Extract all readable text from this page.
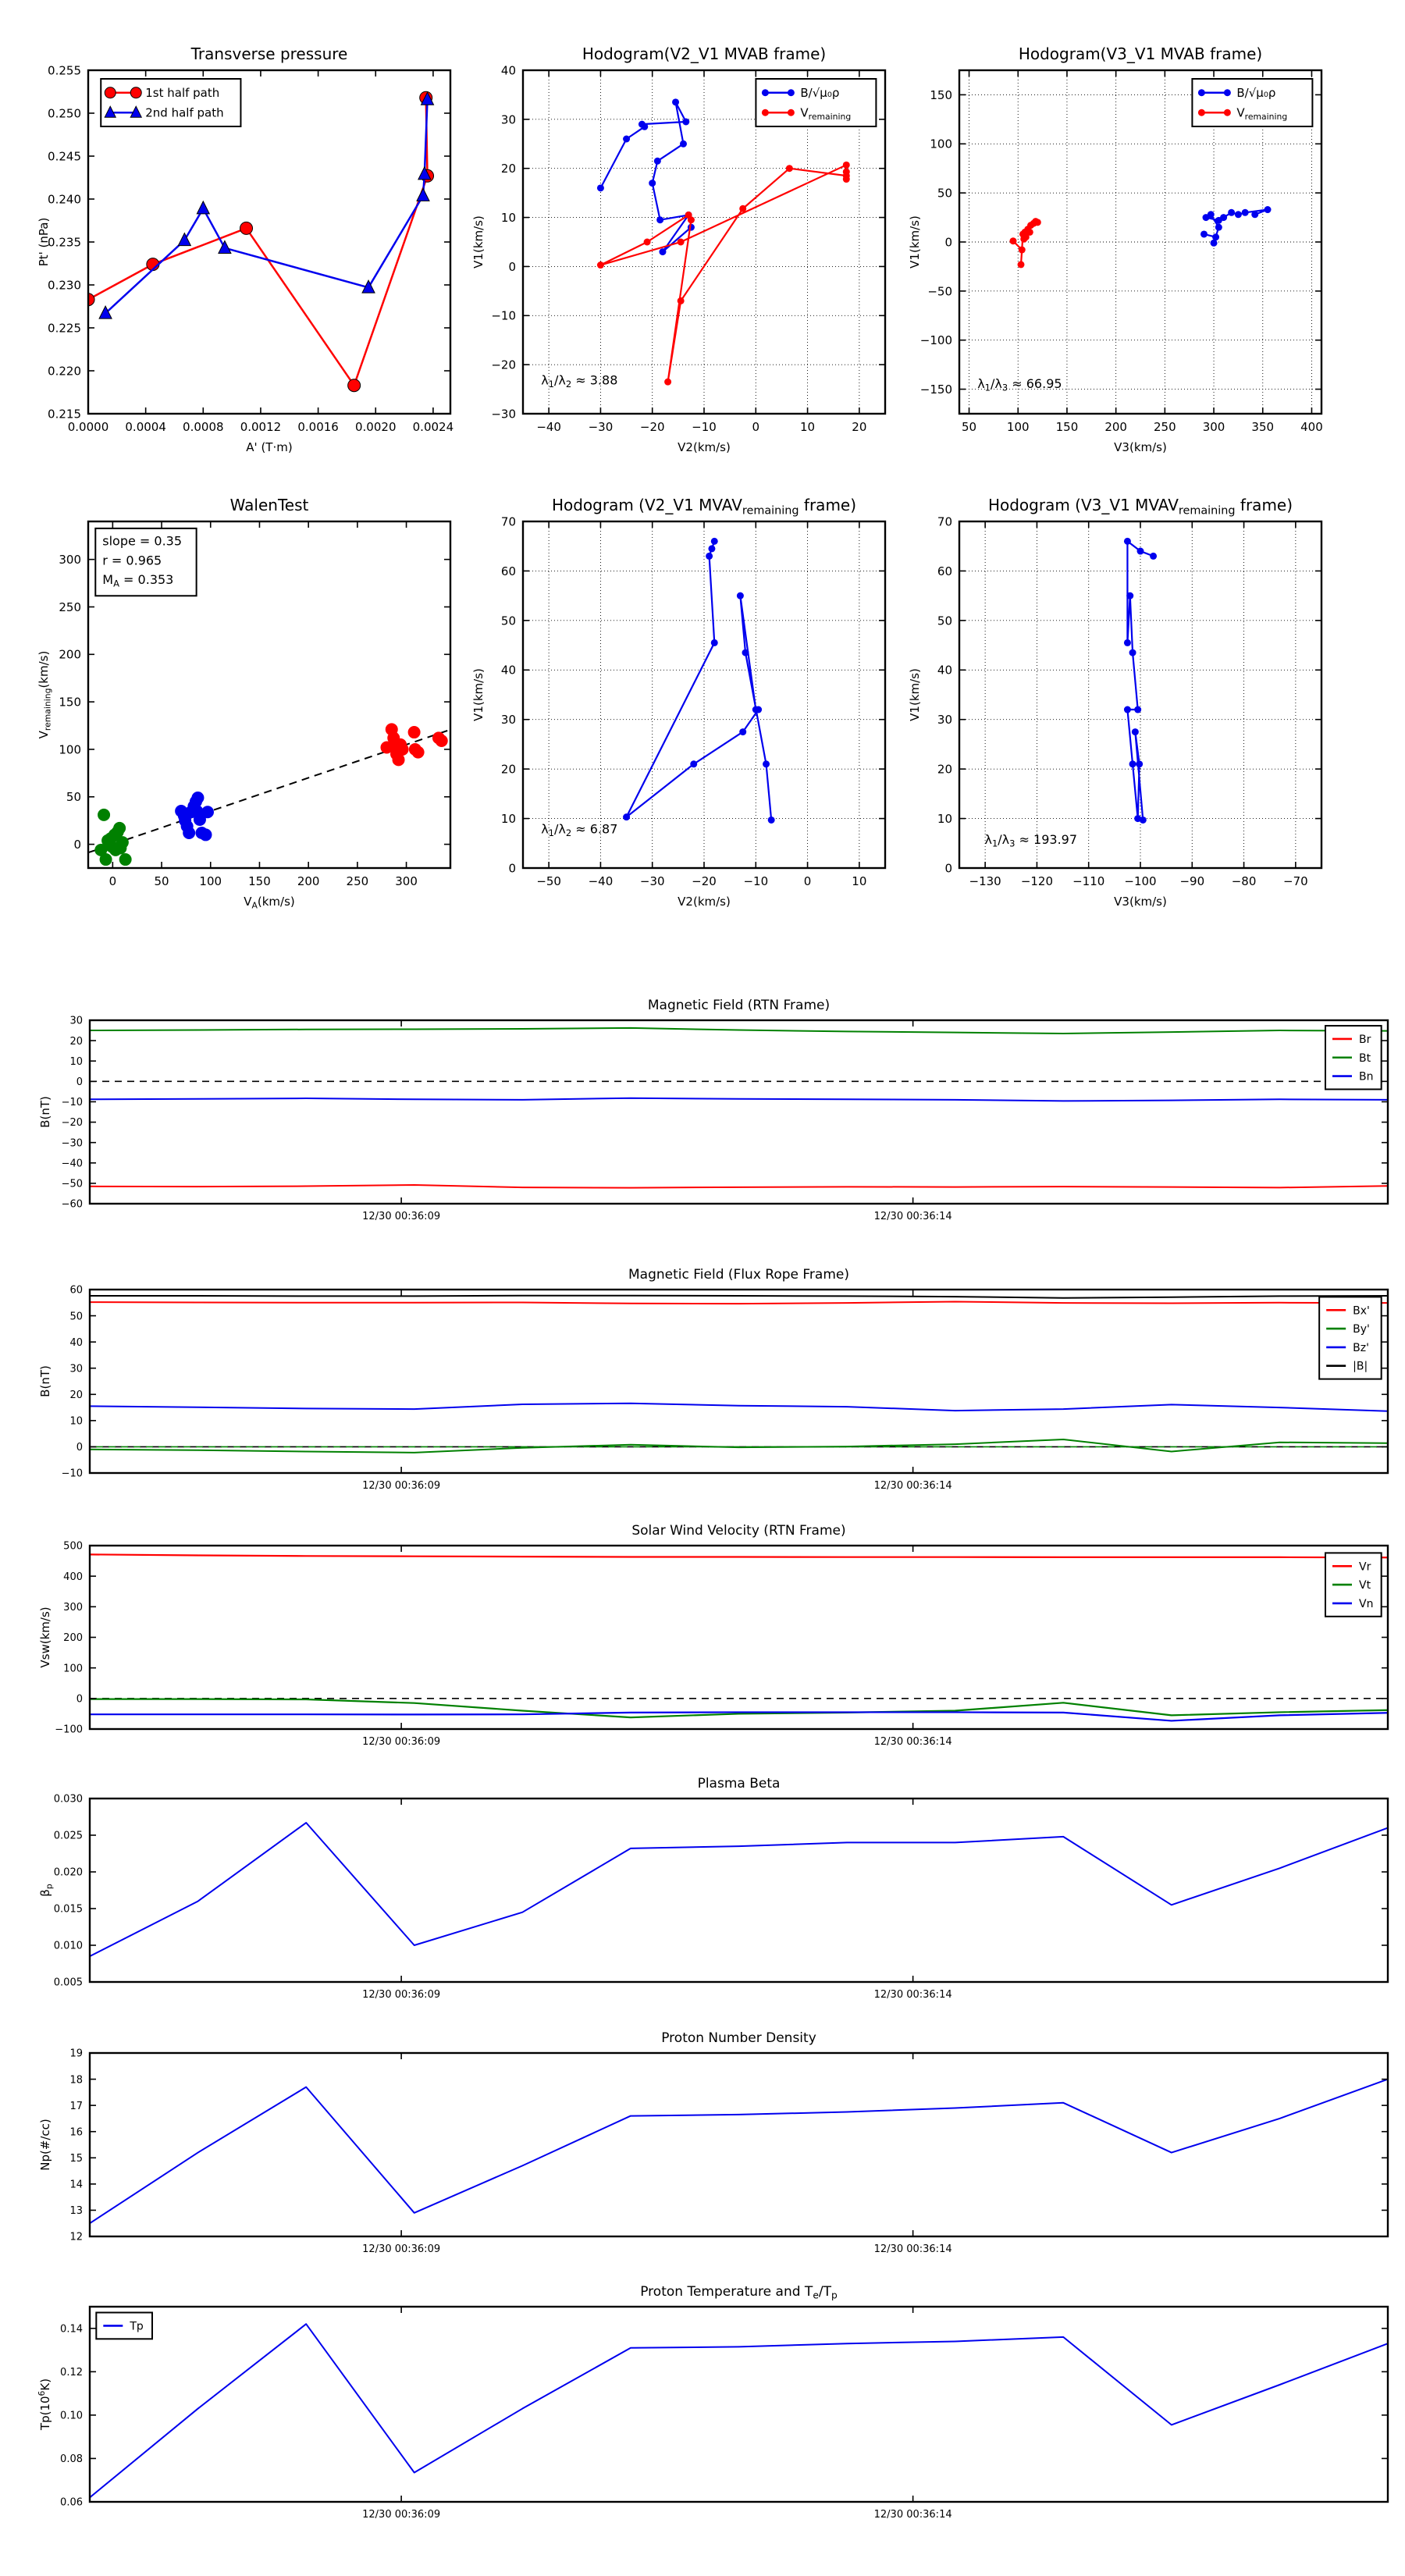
0.0000 0.0004 0.0008 0.0012 0.0016 0.0020 0.0024
0.215
0.220
0.225
0.230
0.235
0.240
0.245
0.250
0.255
Transverse pressure
A' (T·m)
Pt' (nPa)
1st half path
2nd half path
−40 −30 −20 −10	0	10	20
−30
−20
−10
0
10
20
30
40
Hodogram(V2_V1 MVAB frame)
V2(km/s)
V1(km/s)
B/√μ₀ρ
$V_{remaining}$
$\lambda_1/\lambda_2 \approx 3.88$
50	100 150 200 250 300 350 400
−150
−100
−50
0
50
100
150
Hodogram(V3_V1 MVAB frame)
V3(km/s)
V1(km/s)
B/√μ₀ρ
$V_{remaining}$
$\lambda_1/\lambda_3 \approx 66.95$
0	50	100 150 200 250 300
0
50
100
150
200
250
300
WalenTest
$V_A(km/s)$
$V_{remaining}(km/s)$
slope = 0.35
r = 0.965
$M_A = 0.353$
−50 −40 −30 −20 −10	0	10
0
10
20
30
40
50
60
70
Hodogram (V2_V1 $MVAV_{remaining}$ frame)
V2(km/s)
V1(km/s)
$\lambda_1/\lambda_2 \approx 6.87$
−130 −120 −110 −100 −90 −80 −70
0
10
20
30
40
50
60
70
Hodogram (V3_V1 $MVAV_{remaining}$ frame)
V3(km/s)
V1(km/s)
$\lambda_1/\lambda_3 \approx 193.97$
12/30 00:36:09	12/30 00:36:14
−60
−50
−40
−30
−20
−10
0
10
20
30
Magnetic Field (RTN Frame)
B(nT)
Br
Bt
Bn
12/30 00:36:09	12/30 00:36:14
−10
0
10
20
30
40
50
60
Magnetic Field (Flux Rope Frame)
B(nT)
Bx'
By'
Bz'
|B|
12/30 00:36:09	12/30 00:36:14
−100
0
100
200
300
400
500
Solar Wind Velocity (RTN Frame)
Vsw(km/s)
Vr
Vt
Vn
12/30 00:36:09	12/30 00:36:14
0.005
0.010
0.015
0.020
0.025
0.030
Plasma Beta
$\beta_p$
12/30 00:36:09	12/30 00:36:14
12
13
14
15
16
17
18
19
Proton Number Density
Np(#/cc)
12/30 00:36:09	12/30 00:36:14
0.06
0.08
0.10
0.12
0.14
Proton Temperature and $T_e/T_p$
$Tp(10^6K)$
Tp
